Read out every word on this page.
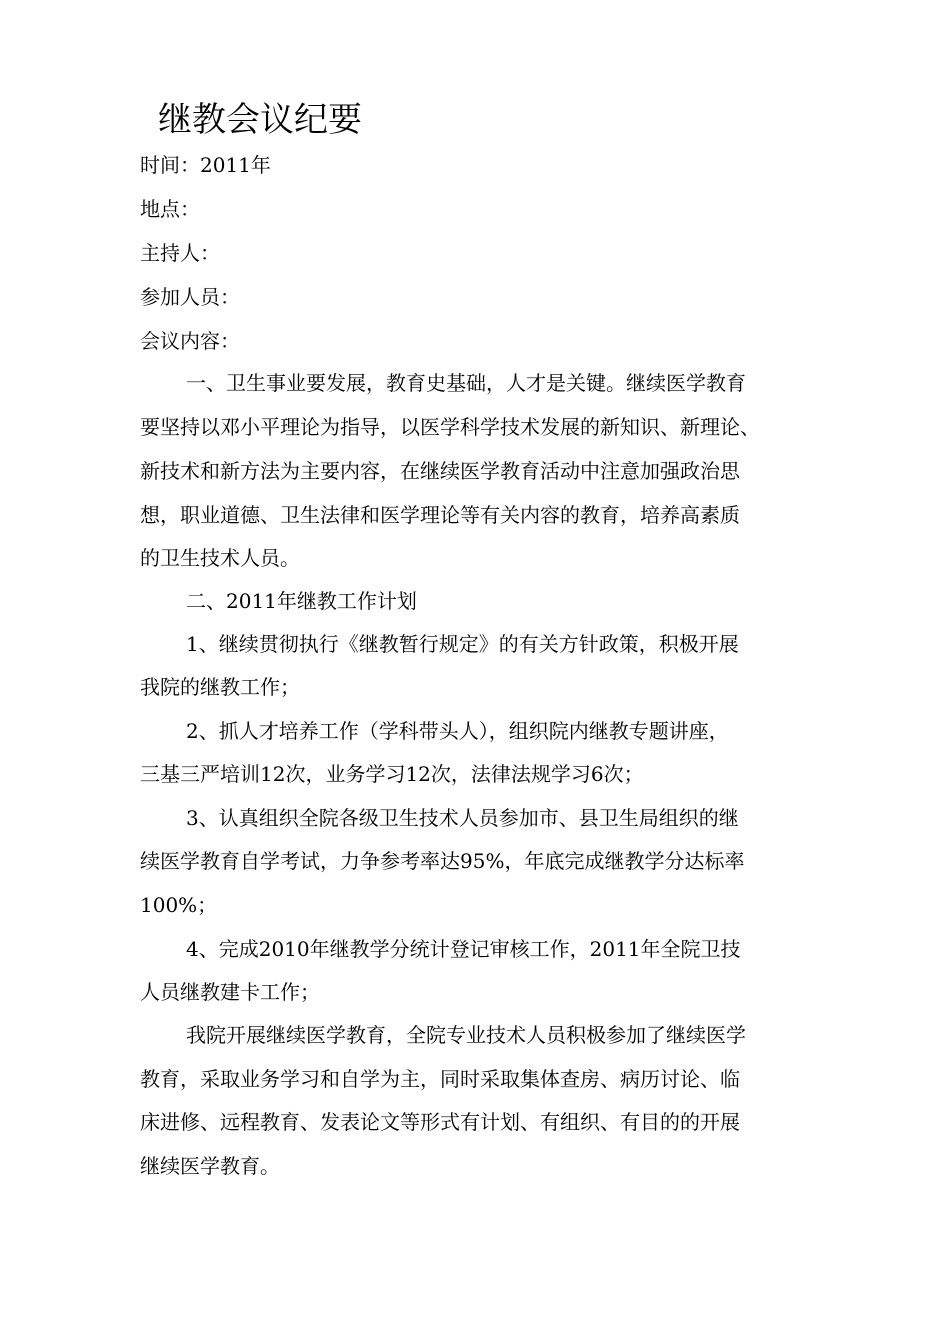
继教会议纪要
时间：2011年
地点：
主持人：
参加人员：
会议内容：
一、卫生事业要发展，教育史基础，人才是关键。继续医学教育
要坚持以邓小平理论为指导，以医学科学技术发展的新知识、新理论、
新技术和新方法为主要内容，在继续医学教育活动中注意加强政治思
想，职业道德、卫生法律和医学理论等有关内容的教育，培养高素质
的卫生技术人员。
二、2011年继教工作计划
1、继续贯彻执行《继教暂行规定》的有关方针政策，积极开展
我院的继教工作；
2、抓人才培养工作（学科带头人），组织院内继教专题讲座，
三基三严培训12次，业务学习12次，法律法规学习6次；
3、认真组织全院各级卫生技术人员参加市、县卫生局组织的继
续医学教育自学考试，力争参考率达95%，年底完成继教学分达标率
100%；
4、完成2010年继教学分统计登记审核工作，2011年全院卫技
人员继教建卡工作；
我院开展继续医学教育，全院专业技术人员积极参加了继续医学
教育，采取业务学习和自学为主，同时采取集体查房、病历讨论、临
床进修、远程教育、发表论文等形式有计划、有组织、有目的的开展
继续医学教育。
